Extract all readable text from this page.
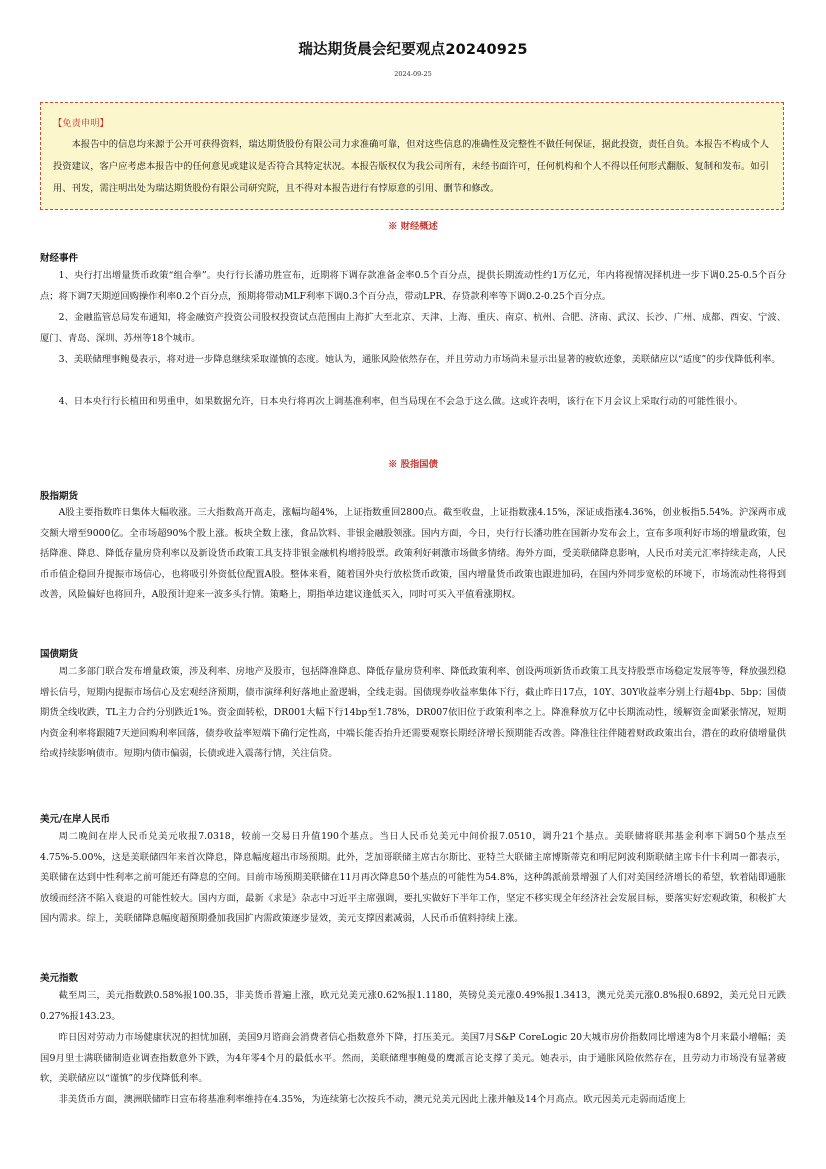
瑞达期货晨会纪要观点20240925
2024-09-25
【免责申明】
本报告中的信息均来源于公开可获得资料，瑞达期货股份有限公司力求准确可靠，但对这些信息的准确性及完整性不做任何保证，据此投资，责任自负。本报告不构成个人投资建议，客户应考虑本报告中的任何意见或建议是否符合其特定状况。本报告版权仅为我公司所有，未经书面许可，任何机构和个人不得以任何形式翻版、复制和发布。如引用、刊发，需注明出处为瑞达期货股份有限公司研究院，且不得对本报告进行有悖原意的引用、删节和修改。
※ 财经概述
财经事件

1、央行打出增量货币政策“组合拳”。央行行长潘功胜宣布，近期将下调存款准备金率0.5个百分点，提供长期流动性约1万亿元，年内将视情况择机进一步下调0.25-0.5个百分点；将下调7天期逆回购操作利率0.2个百分点，预期将带动MLF利率下调0.3个百分点，带动LPR、存贷款利率等下调0.2-0.25个百分点。

2、金融监管总局发布通知，将金融资产投资公司股权投资试点范围由上海扩大至北京、天津、上海、重庆、南京、杭州、合肥、济南、武汉、长沙、广州、成都、西安、宁波、厦门、青岛、深圳、苏州等18个城市。

3、美联储理事鲍曼表示，将对进一步降息继续采取谨慎的态度。她认为，通胀风险依然存在，并且劳动力市场尚未显示出显著的疲软迹象，美联储应以“适度”的步伐降低利率。

4、日本央行行长植田和男重申，如果数据允许，日本央行将再次上调基准利率，但当局现在不会急于这么做。这或许表明，该行在下月会议上采取行动的可能性很小。

※ 股指国债
股指期货

A股主要指数昨日集体大幅收涨。三大指数高开高走，涨幅均超4%，上证指数重回2800点。截至收盘，上证指数涨4.15%，深证成指涨4.36%，创业板指5.54%。沪深两市成交额大增至9000亿。全市场超90%个股上涨。板块全数上涨，食品饮料、非银金融股领涨。国内方面，今日，央行行长潘功胜在国新办发布会上，宣布多项利好市场的增量政策，包括降准、降息、降低存量房贷利率以及新设货币政策工具支持非银金融机构增持股票。政策利好刺激市场做多情绪。海外方面，受美联储降息影响，人民币对美元汇率持续走高，人民币币值企稳回升提振市场信心，也将吸引外资低位配置A股。整体来看，随着国外央行放松货币政策，国内增量货币政策也跟进加码，在国内外同步宽松的环境下，市场流动性将得到改善，风险偏好也将回升，A股预计迎来一波多头行情。策略上，期指单边建议逢低买入，同时可买入平值看涨期权。

国债期货

周二多部门联合发布增量政策，涉及利率、房地产及股市，包括降准降息、降低存量房贷利率、降低政策利率、创设两项新货币政策工具支持股票市场稳定发展等等，释放强烈稳增长信号，短期内提振市场信心及宏观经济预期，债市演绎利好落地止盈逻辑，全线走弱。国债现券收益率集体下行，截止昨日17点，10Y、30Y收益率分别上行超4bp、5bp；国债期货全线收跌，TL主力合约分别跌近1%。资金面转松，DR001大幅下行14bp至1.78%，DR007依旧位于政策利率之上。降准释放万亿中长期流动性，缓解资金面紧张情况，短期内资金利率将跟随7天逆回购利率回落，债券收益率短端下确行定性高，中端长能否抬升还需要观察长期经济增长预期能否改善。降准往往伴随着财政政策出台，潜在的政府债增量供给或持续影响债市。短期内债市偏弱，长债或进入震荡行情，关注信贷。

美元/在岸人民币

周二晚间在岸人民币兑美元收报7.0318，较前一交易日升值190个基点。当日人民币兑美元中间价报7.0510，调升21个基点。美联储将联邦基金利率下调50个基点至4.75%-5.00%，这是美联储四年来首次降息，降息幅度超出市场预期。此外，芝加哥联储主席古尔斯比、亚特兰大联储主席博斯蒂克和明尼阿波利斯联储主席卡什卡利周一都表示，美联储在达到中性利率之前可能还有降息的空间。目前市场预期美联储在11月再次降息50个基点的可能性为54.8%，这种鸽派前景增强了人们对美国经济增长的希望，软着陆即通胀放缓而经济不陷入衰退的可能性较大。国内方面，最新《求是》杂志中习近平主席强调，要扎实做好下半年工作，坚定不移实现全年经济社会发展目标，要落实好宏观政策，积极扩大国内需求。综上，美联储降息幅度超预期叠加我国扩内需政策逐步显效，美元支撑因素减弱，人民币币值料持续上涨。

美元指数

截至周三，美元指数跌0.58%报100.35，非美货币普遍上涨，欧元兑美元涨0.62%报1.1180，英镑兑美元涨0.49%报1.3413，澳元兑美元涨0.8%报0.6892，美元兑日元跌0.27%报143.23。

昨日因对劳动力市场健康状况的担忧加剧，美国9月谘商会消费者信心指数意外下降，打压美元。美国7月S&P CoreLogic 20大城市房价指数同比增速为8个月来最小增幅；美国9月里士满联储制造业调查指数意外下跌，为4年零4个月的最低水平。然而，美联储理事鲍曼的鹰派言论支撑了美元。她表示，由于通胀风险依然存在，且劳动力市场没有显著疲软，美联储应以“谨慎”的步伐降低利率。

非美货币方面，澳洲联储昨日宣布将基准利率维持在4.35%，为连续第七次按兵不动，澳元兑美元因此上涨并触及14个月高点。欧元因美元走弱而适度上
